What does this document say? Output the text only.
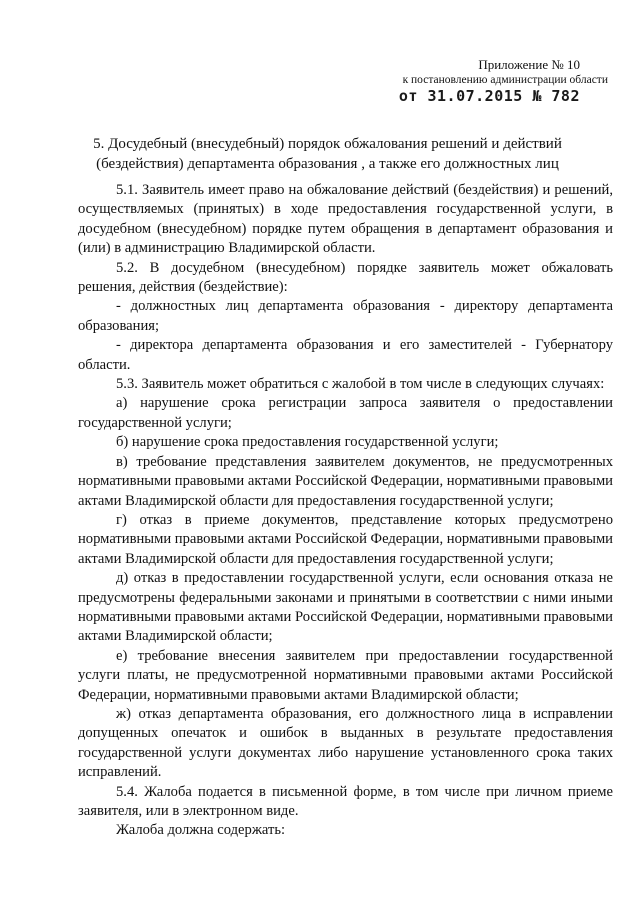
Приложение № 10
к постановлению администрации области
от 31.07.2015 № 782
5. Досудебный (внесудебный) порядок обжалования решений и действий
(бездействия) департамента образования , а также его должностных лиц

5.1. Заявитель имеет право на обжалование действий (бездействия) и решений, осуществляемых (принятых) в ходе предоставления государственной услуги, в досудебном (внесудебном) порядке путем обращения в департамент образования и (или) в администрацию Владимирской области.

5.2. В досудебном (внесудебном) порядке заявитель может обжаловать решения, действия (бездействие):

- должностных лиц департамента образования - директору департамента образования;

- директора департамента образования и его заместителей - Губернатору области.

5.3. Заявитель может обратиться с жалобой в том числе в следующих случаях:

а) нарушение срока регистрации запроса заявителя о предоставлении государственной услуги;

б) нарушение срока предоставления государственной услуги;

в) требование представления заявителем документов, не предусмотренных нормативными правовыми актами Российской Федерации, нормативными правовыми актами Владимирской области для предоставления государственной услуги;

г) отказ в приеме документов, представление которых предусмотрено нормативными правовыми актами Российской Федерации, нормативными правовыми актами Владимирской области для предоставления государственной услуги;

д) отказ в предоставлении государственной услуги, если основания отказа не предусмотрены федеральными законами и принятыми в соответствии с ними иными нормативными правовыми актами Российской Федерации, нормативными правовыми актами Владимирской области;

е) требование внесения заявителем при предоставлении государственной услуги платы, не предусмотренной нормативными правовыми актами Российской Федерации, нормативными правовыми актами Владимирской области;

ж) отказ департамента образования, его должностного лица в исправлении допущенных опечаток и ошибок в выданных в результате предоставления государственной услуги документах либо нарушение установленного срока таких исправлений.

5.4. Жалоба подается в письменной форме, в том числе при личном приеме заявителя, или в электронном виде.

Жалоба должна содержать:
